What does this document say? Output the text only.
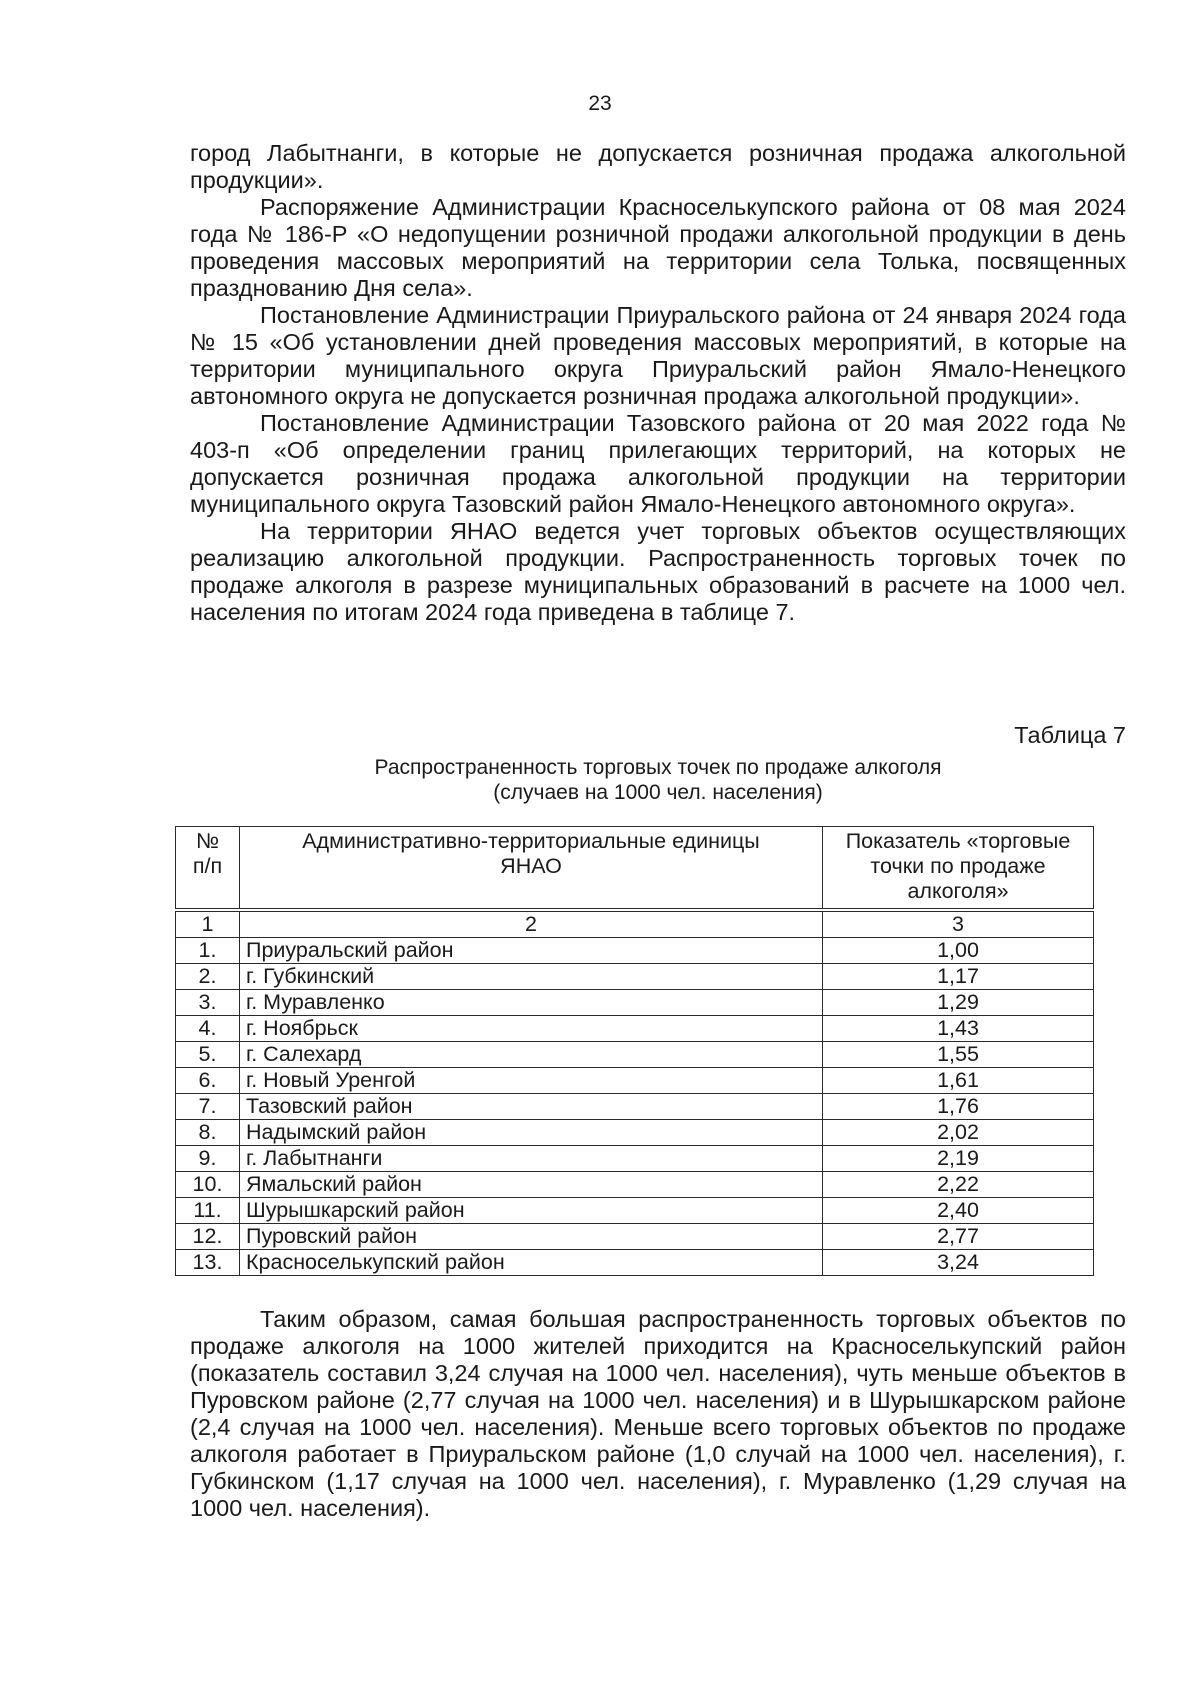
23

город Лабытнанги, в которые не допускается розничная продажа алкогольной продукции».

Распоряжение Администрации Красноселькупского района от 08 мая 2024 года № 186-Р «О недопущении розничной продажи алкогольной продукции в день проведения массовых мероприятий на территории села Толька, посвященных празднованию Дня села».

Постановление Администрации Приуральского района от 24 января 2024 года № 15 «Об установлении дней проведения массовых мероприятий, в которые на территории муниципального округа Приуральский район Ямало-Ненецкого автономного округа не допускается розничная продажа алкогольной продукции».

Постановление Администрации Тазовского района от 20 мая 2022 года № 403-п «Об определении границ прилегающих территорий, на которых не допускается розничная продажа алкогольной продукции на территории муниципального округа Тазовский район Ямало-Ненецкого автономного округа».

На территории ЯНАО ведется учет торговых объектов осуществляющих реализацию алкогольной продукции. Распространенность торговых точек по продаже алкоголя в разрезе муниципальных образований в расчете на 1000 чел. населения по итогам 2024 года приведена в таблице 7.

Таблица 7
Распространенность торговых точек по продаже алкоголя
(случаев на 1000 чел. населения)
№ п/п	Административно-территориальные единицы ЯНАО	Показатель «торговые точки по продаже алкоголя»
1	2	3
1.	Приуральский район	1,00
2.	г. Губкинский	1,17
3.	г. Муравленко	1,29
4.	г. Ноябрьск	1,43
5.	г. Салехард	1,55
6.	г. Новый Уренгой	1,61
7.	Тазовский район	1,76
8.	Надымский район	2,02
9.	г. Лабытнанги	2,19
10.	Ямальский район	2,22
11.	Шурышкарский район	2,40
12.	Пуровский район	2,77
13.	Красноселькупский район	3,24

Таким образом, самая большая распространенность торговых объектов по продаже алкоголя на 1000 жителей приходится на Красноселькупский район (показатель составил 3,24 случая на 1000 чел. населения), чуть меньше объектов в Пуровском районе (2,77 случая на 1000 чел. населения) и в Шурышкарском районе (2,4 случая на 1000 чел. населения). Меньше всего торговых объектов по продаже алкоголя работает в Приуральском районе (1,0 случай на 1000 чел. населения), г. Губкинском (1,17 случая на 1000 чел. населения), г. Муравленко (1,29 случая на 1000 чел. населения).
